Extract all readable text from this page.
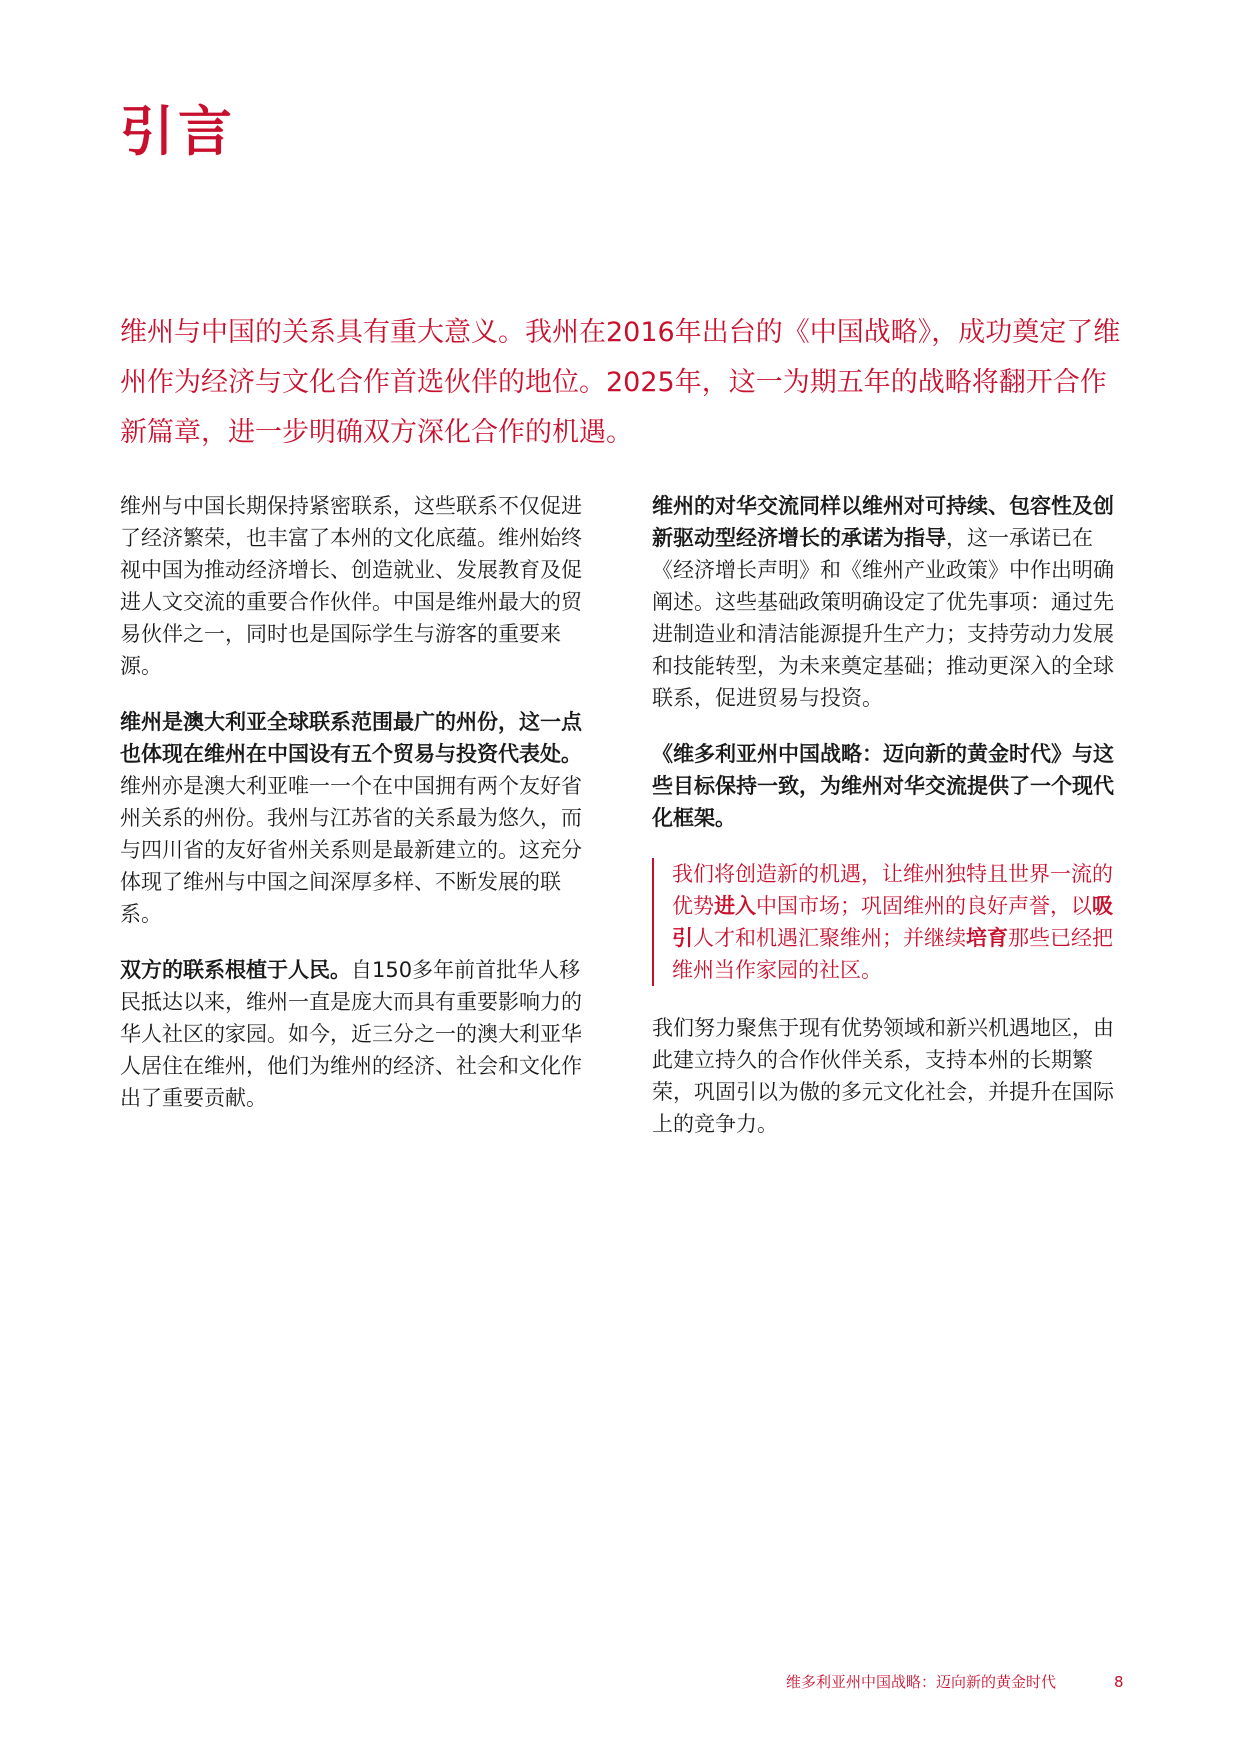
引言

维州与中国的关系具有重大意义。我州在2016年出台的《中国战略》，成功奠定了维州作为经济与文化合作首选伙伴的地位。2025年，这一为期五年的战略将翻开合作新篇章，进一步明确双方深化合作的机遇。

维州与中国长期保持紧密联系，这些联系不仅促进了经济繁荣，也丰富了本州的文化底蕴。维州始终视中国为推动经济增长、创造就业、发展教育及促进人文交流的重要合作伙伴。中国是维州最大的贸易伙伴之一，同时也是国际学生与游客的重要来源。

维州是澳大利亚全球联系范围最广的州份，这一点也体现在维州在中国设有五个贸易与投资代表处。维州亦是澳大利亚唯一一个在中国拥有两个友好省州关系的州份。我州与江苏省的关系最为悠久，而与四川省的友好省州关系则是最新建立的。这充分体现了维州与中国之间深厚多样、不断发展的联系。

双方的联系根植于人民。自150多年前首批华人移民抵达以来，维州一直是庞大而具有重要影响力的华人社区的家园。如今，近三分之一的澳大利亚华人居住在维州，他们为维州的经济、社会和文化作出了重要贡献。

维州的对华交流同样以维州对可持续、包容性及创新驱动型经济增长的承诺为指导，这一承诺已在《经济增长声明》和《维州产业政策》中作出明确阐述。这些基础政策明确设定了优先事项：通过先进制造业和清洁能源提升生产力；支持劳动力发展和技能转型，为未来奠定基础；推动更深入的全球联系，促进贸易与投资。

《维多利亚州中国战略：迈向新的黄金时代》与这些目标保持一致，为维州对华交流提供了一个现代化框架。

我们将创造新的机遇，让维州独特且世界一流的优势进入中国市场；巩固维州的良好声誉，以吸引人才和机遇汇聚维州；并继续培育那些已经把维州当作家园的社区。

我们努力聚焦于现有优势领域和新兴机遇地区，由此建立持久的合作伙伴关系，支持本州的长期繁荣，巩固引以为傲的多元文化社会，并提升在国际上的竞争力。

维多利亚州中国战略：迈向新的黄金时代	8
